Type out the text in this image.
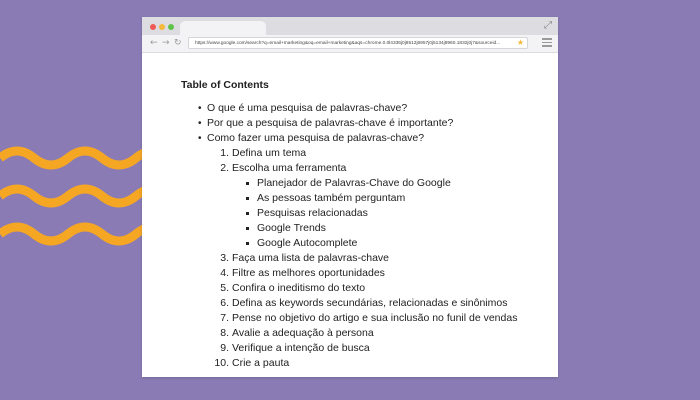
⤢
← → ↻	https://www.google.com/search?q=email+marketing&oq=email+marketing&aqs=chrome.0.0l4336j0j8512j6957j0j5134j8960.1832j0j7&sourceid...	★
Table of Contents
• O que é uma pesquisa de palavras-chave?
• Por que a pesquisa de palavras-chave é importante?
• Como fazer uma pesquisa de palavras-chave?
1. Defina um tema
2. Escolha uma ferramenta
Planejador de Palavras-Chave do Google
As pessoas também perguntam
Pesquisas relacionadas
Google Trends
Google Autocomplete
3. Faça uma lista de palavras-chave
4. Filtre as melhores oportunidades
5. Confira o ineditismo do texto
6. Defina as keywords secundárias, relacionadas e sinônimos
7. Pense no objetivo do artigo e sua inclusão no funil de vendas
8. Avalie a adequação à persona
9. Verifique a intenção de busca
10. Crie a pauta
